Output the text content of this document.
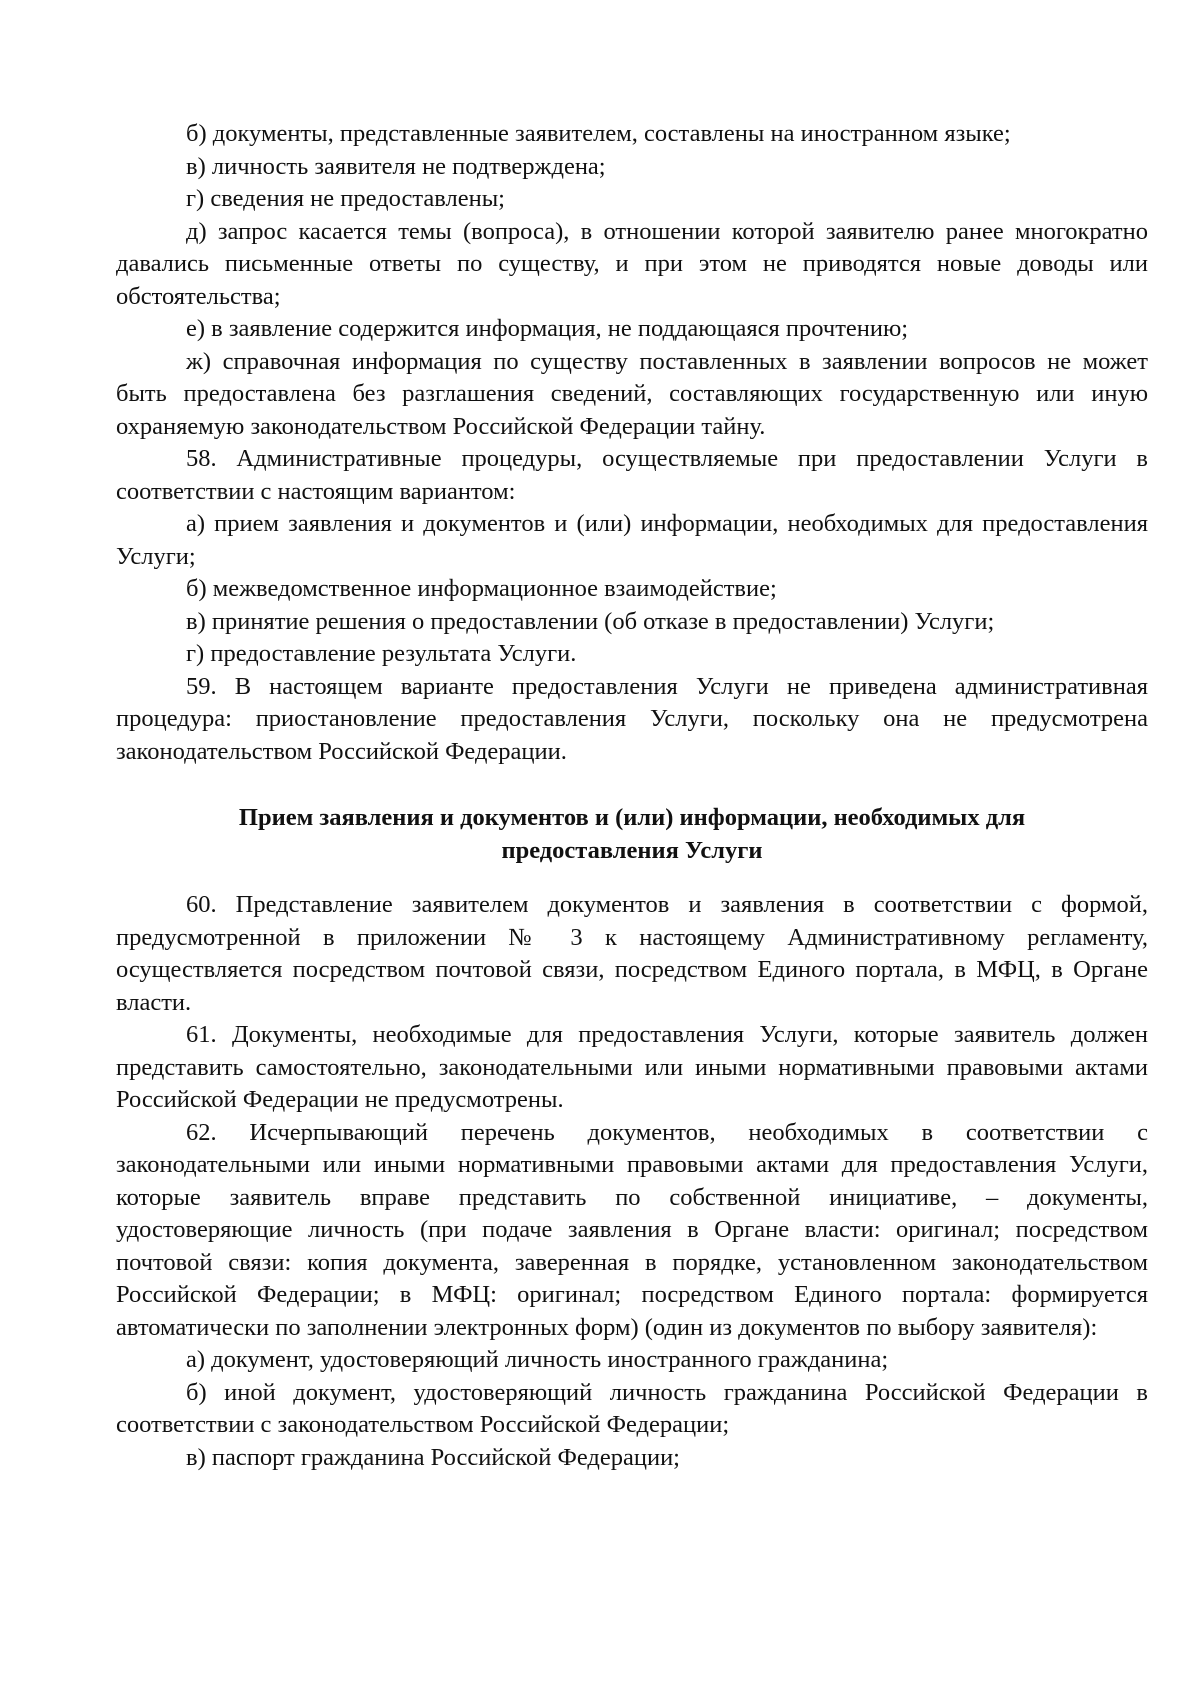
б) документы, представленные заявителем, составлены на иностранном языке;

в) личность заявителя не подтверждена;

г) сведения не предоставлены;

д) запрос касается темы (вопроса), в отношении которой заявителю ранее многократно давались письменные ответы по существу, и при этом не приводятся новые доводы или обстоятельства;

е) в заявление содержится информация, не поддающаяся прочтению;

ж) справочная информация по существу поставленных в заявлении вопросов не может быть предоставлена без разглашения сведений, составляющих государственную или иную охраняемую законодательством Российской Федерации тайну.

58. Административные процедуры, осуществляемые при предоставлении Услуги в соответствии с настоящим вариантом:

а) прием заявления и документов и (или) информации, необходимых для предоставления Услуги;

б) межведомственное информационное взаимодействие;

в) принятие решения о предоставлении (об отказе в предоставлении) Услуги;

г) предоставление результата Услуги.

59. В настоящем варианте предоставления Услуги не приведена административная процедура: приостановление предоставления Услуги, поскольку она не предусмотрена законодательством Российской Федерации.

Прием заявления и документов и (или) информации, необходимых для
предоставления Услуги

60. Представление заявителем документов и заявления в соответствии с формой, предусмотренной в приложении № 3 к настоящему Административному регламенту, осуществляется посредством почтовой связи, посредством Единого портала, в МФЦ, в Органе власти.

61. Документы, необходимые для предоставления Услуги, которые заявитель должен представить самостоятельно, законодательными или иными нормативными правовыми актами Российской Федерации не предусмотрены.

62. Исчерпывающий перечень документов, необходимых в соответствии с законодательными или иными нормативными правовыми актами для предоставления Услуги, которые заявитель вправе представить по собственной инициативе, – документы, удостоверяющие личность (при подаче заявления в Органе власти: оригинал; посредством почтовой связи: копия документа, заверенная в порядке, установленном законодательством Российской Федерации; в МФЦ: оригинал; посредством Единого портала: формируется автоматически по заполнении электронных форм) (один из документов по выбору заявителя):

а) документ, удостоверяющий личность иностранного гражданина;

б) иной документ, удостоверяющий личность гражданина Российской Федерации в соответствии с законодательством Российской Федерации;

в) паспорт гражданина Российской Федерации;
